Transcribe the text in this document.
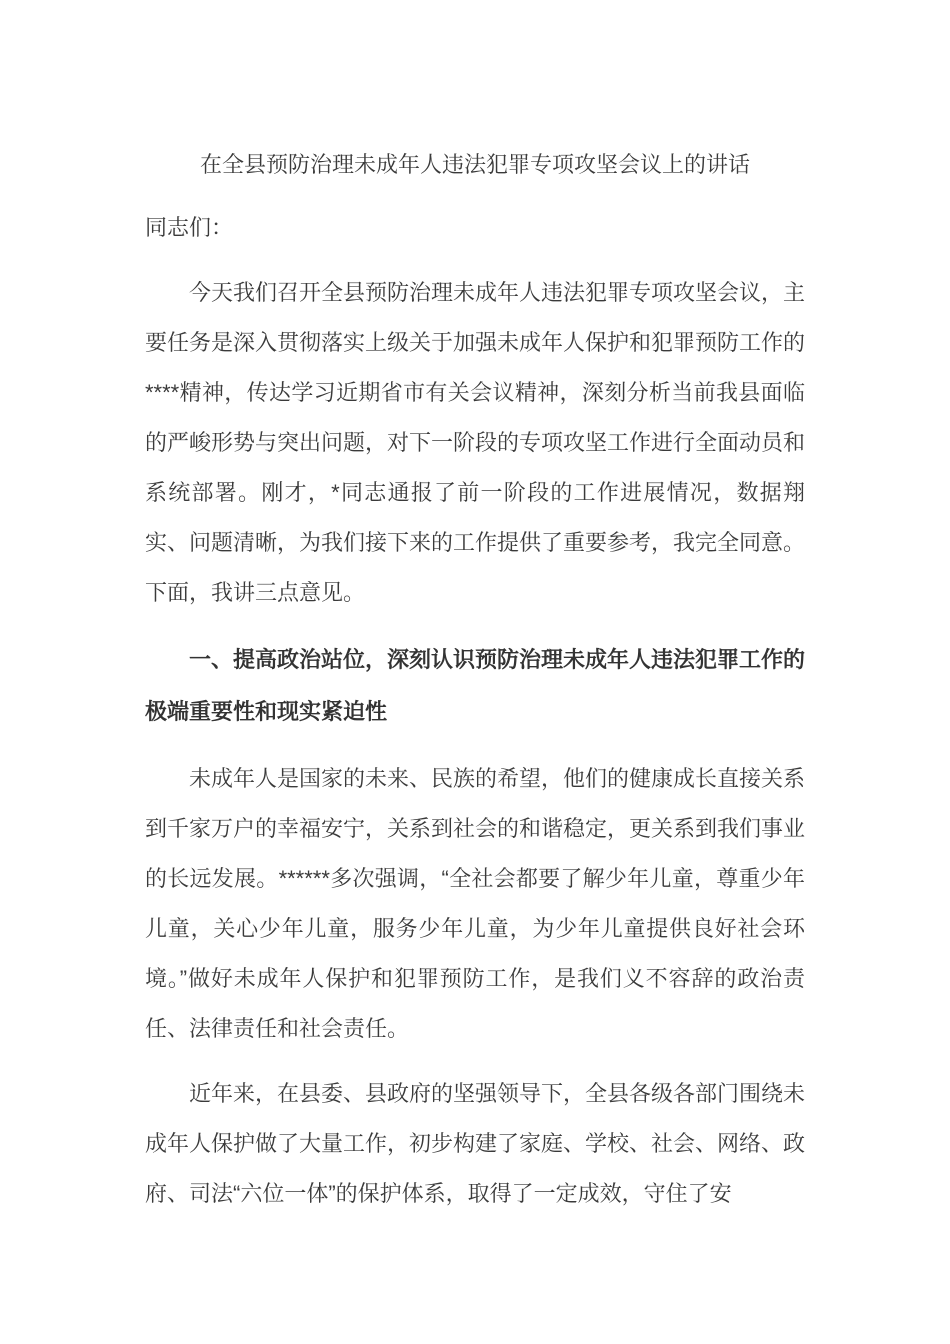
在全县预防治理未成年人违法犯罪专项攻坚会议上的讲话

同志们：

今天我们召开全县预防治理未成年人违法犯罪专项攻坚会议，主要任务是深入贯彻落实上级关于加强未成年人保护和犯罪预防工作的****精神，传达学习近期省市有关会议精神，深刻分析当前我县面临的严峻形势与突出问题，对下一阶段的专项攻坚工作进行全面动员和系统部署。刚才，*同志通报了前一阶段的工作进展情况，数据翔实、问题清晰，为我们接下来的工作提供了重要参考，我完全同意。下面，我讲三点意见。

一、提高政治站位，深刻认识预防治理未成年人违法犯罪工作的极端重要性和现实紧迫性

未成年人是国家的未来、民族的希望，他们的健康成长直接关系到千家万户的幸福安宁，关系到社会的和谐稳定，更关系到我们事业的长远发展。******多次强调，“全社会都要了解少年儿童，尊重少年儿童，关心少年儿童，服务少年儿童，为少年儿童提供良好社会环境。”做好未成年人保护和犯罪预防工作，是我们义不容辞的政治责任、法律责任和社会责任。

近年来，在县委、县政府的坚强领导下，全县各级各部门围绕未成年人保护做了大量工作，初步构建了家庭、学校、社会、网络、政府、司法“六位一体”的保护体系，取得了一定成效，守住了安
